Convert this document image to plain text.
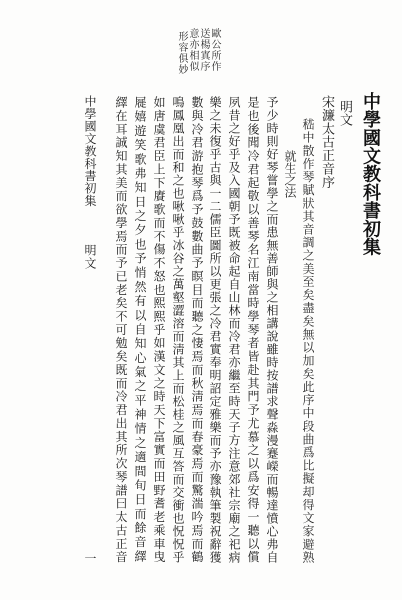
中學國文教科書初集
明文
宋濂太古正音序
嵇中散作琴賦狀其音調之美至矣盡矣無以加矣此序中段曲爲比擬却得文家避熟
就生之法
予少時則好琴嘗學之而患無善師與之相講說雖時按譜求聲淼漫蹇嶸而暢達憤心弗自
是也後聞冷君起敬以善琴名江南當時學琴者皆赴其門予尤慕之以爲安得一聽以償
夙昔之好乎及入國朝予既被命起自山林而冷君亦繼至時天子方注意郊社宗廟之祀病
樂之未復乎古與一二儒臣圖所以更張之冷君實奉明詔定雅樂而予亦豫執筆製祝辭獲
數與冷君游抱琴爲予鼓數曲予瞑目而聽之悽焉而秋淸焉而春豪焉而驚湍吟焉而鶴
鳴鳳凰出而和之也啾啾乎冰谷之萬壑澀溶而淸其上而松桂之風互答而交衝也怳怳乎
如唐虞君臣上下賡歌而不傷不怒也熙熙乎如漢文之時天下富實而田野耆老乘車曳
屣嬉遊笑歌弗知日之夕也予悄然有以自知心氣之平神情之適間旬日而餘音繹
繹在耳誠知其美而欲學焉而予已老矣不可勉矣既而冷君出其所次琴譜曰太古正音
歐公所作
送楊寘序
意亦相似
形容俱妙
中學國文教科書初集
明文
一
